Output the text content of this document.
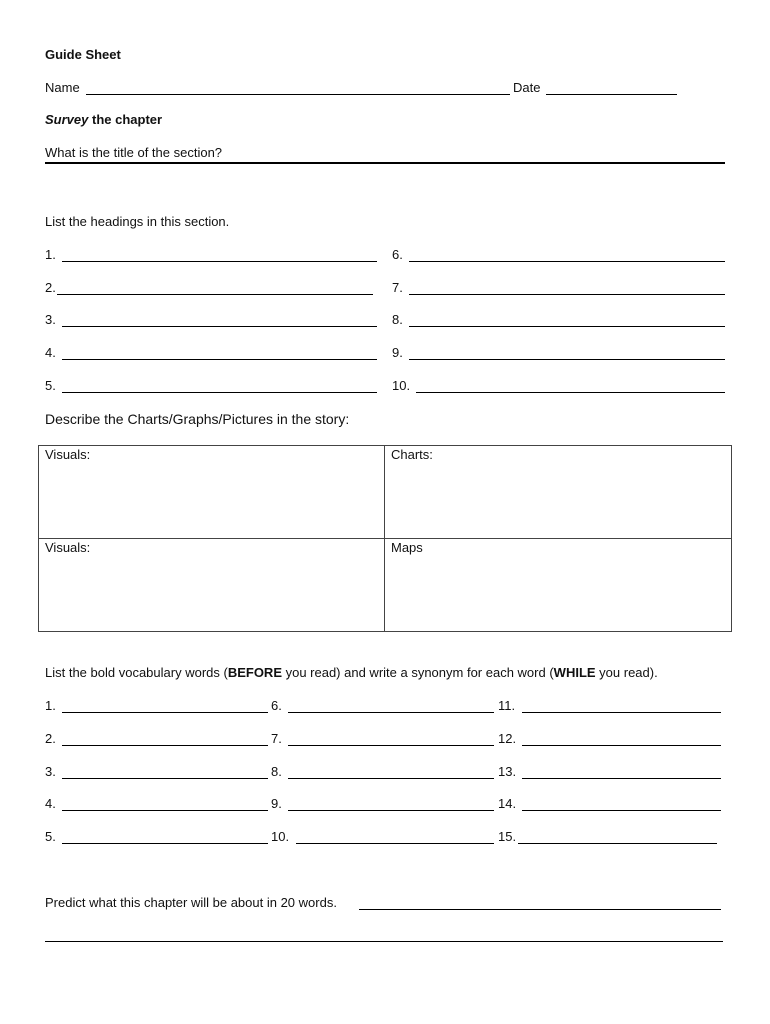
Guide Sheet
Name	Date
Survey the chapter
What is the title of the section?
List the headings in this section.
1.
2.
3.
4.
5.
6.
7.
8.
9.
10.
Describe the Charts/Graphs/Pictures in the story:
Visuals:	Charts:
Visuals:	Maps
List the bold vocabulary words (BEFORE you read) and write a synonym for each word (WHILE you read).
1.
2.
3.
4.
5.
6.
7.
8.
9.
10.
11.
12.
13.
14.
15.
Predict what this chapter will be about in 20 words.
